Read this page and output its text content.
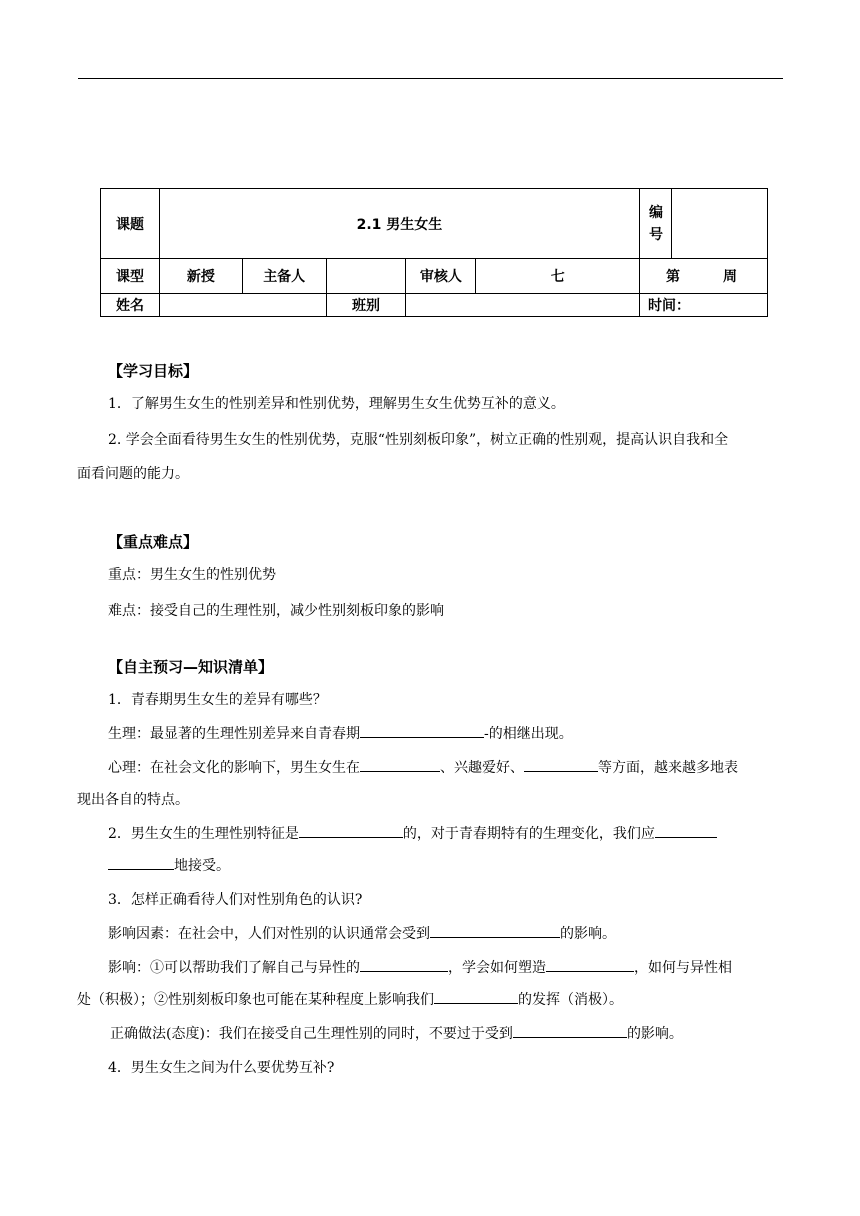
课题	2.1 男生女生					编号	
课型	新授	主备人		审核人	七	第 周	

姓名			班别			时间：	

【学习目标】

1．了解男生女生的性别差异和性别优势，理解男生女生优势互补的意义。

2. 学会全面看待男生女生的性别优势，克服“性别刻板印象”，树立正确的性别观，提高认识自我和全

面看问题的能力。

【重点难点】

重点：男生女生的性别优势

难点：接受自己的生理性别，减少性别刻板印象的影响

【自主预习—知识清单】

1．青春期男生女生的差异有哪些？

生理：最显著的生理性别差异来自青春期	-的相继出现。

心理：在社会文化的影响下，男生女生在	、兴趣爱好、	等方面，越来越多地表

现出各自的特点。

2．男生女生的生理性别特征是	的，对于青春期特有的生理变化，我们应

地接受。

3．怎样正确看待人们对性别角色的认识?

影响因素：在社会中，人们对性别的认识通常会受到	的影响。

影响：①可以帮助我们了解自己与异性的	，学会如何塑造	，如何与异性相

处（积极）；②性别刻板印象也可能在某种程度上影响我们	的发挥（消极）。

正确做法(态度)：我们在接受自己生理性别的同时，不要过于受到	的影响。

4．男生女生之间为什么要优势互补?
